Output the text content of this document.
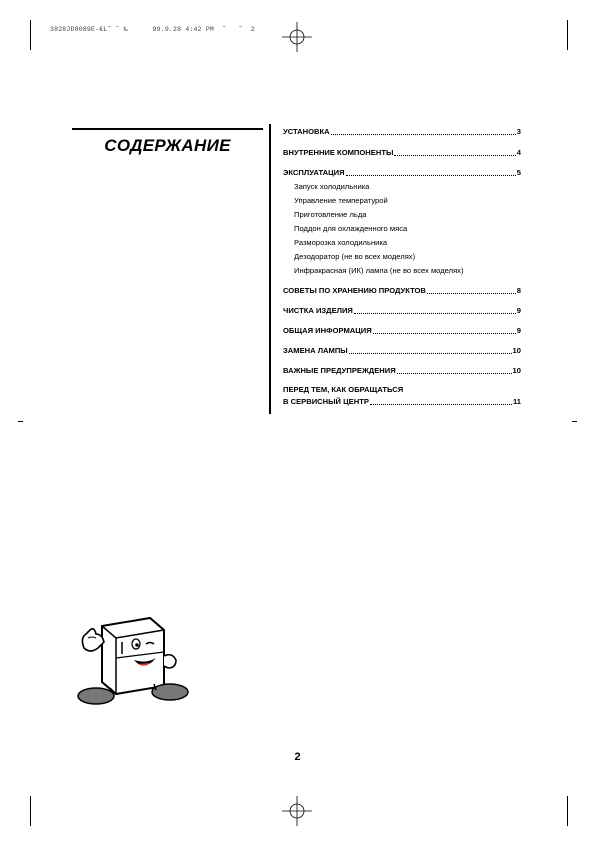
3828JD8089E-€L˜ ˜ ‰      99.9.28 4:42 PM  ˜   ˜  2
СОДЕРЖАНИЕ
УСТАНОВКА	3
ВНУТРЕННИЕ КОМПОНЕНТЫ	4
ЭКСПЛУАТАЦИЯ	5
Запуск холодильника
Управление температурой
Приготовление льда
Поддон для охлажденного мяса
Разморозка холодильника
Дезодоратор (не во всех моделях)
Инфракрасная (ИК) лампа (не во всех моделях)
СОВЕТЫ ПО ХРАНЕНИЮ ПРОДУКТОВ	8
ЧИСТКА ИЗДЕЛИЯ	9
ОБЩАЯ ИНФОРМАЦИЯ	9
ЗАМЕНА ЛАМПЫ	10
ВАЖНЫЕ ПРЕДУПРЕЖДЕНИЯ	10
ПЕРЕД ТЕМ, КАК ОБРАЩАТЬСЯ
В СЕРВИСНЫЙ ЦЕНТР	11
2
